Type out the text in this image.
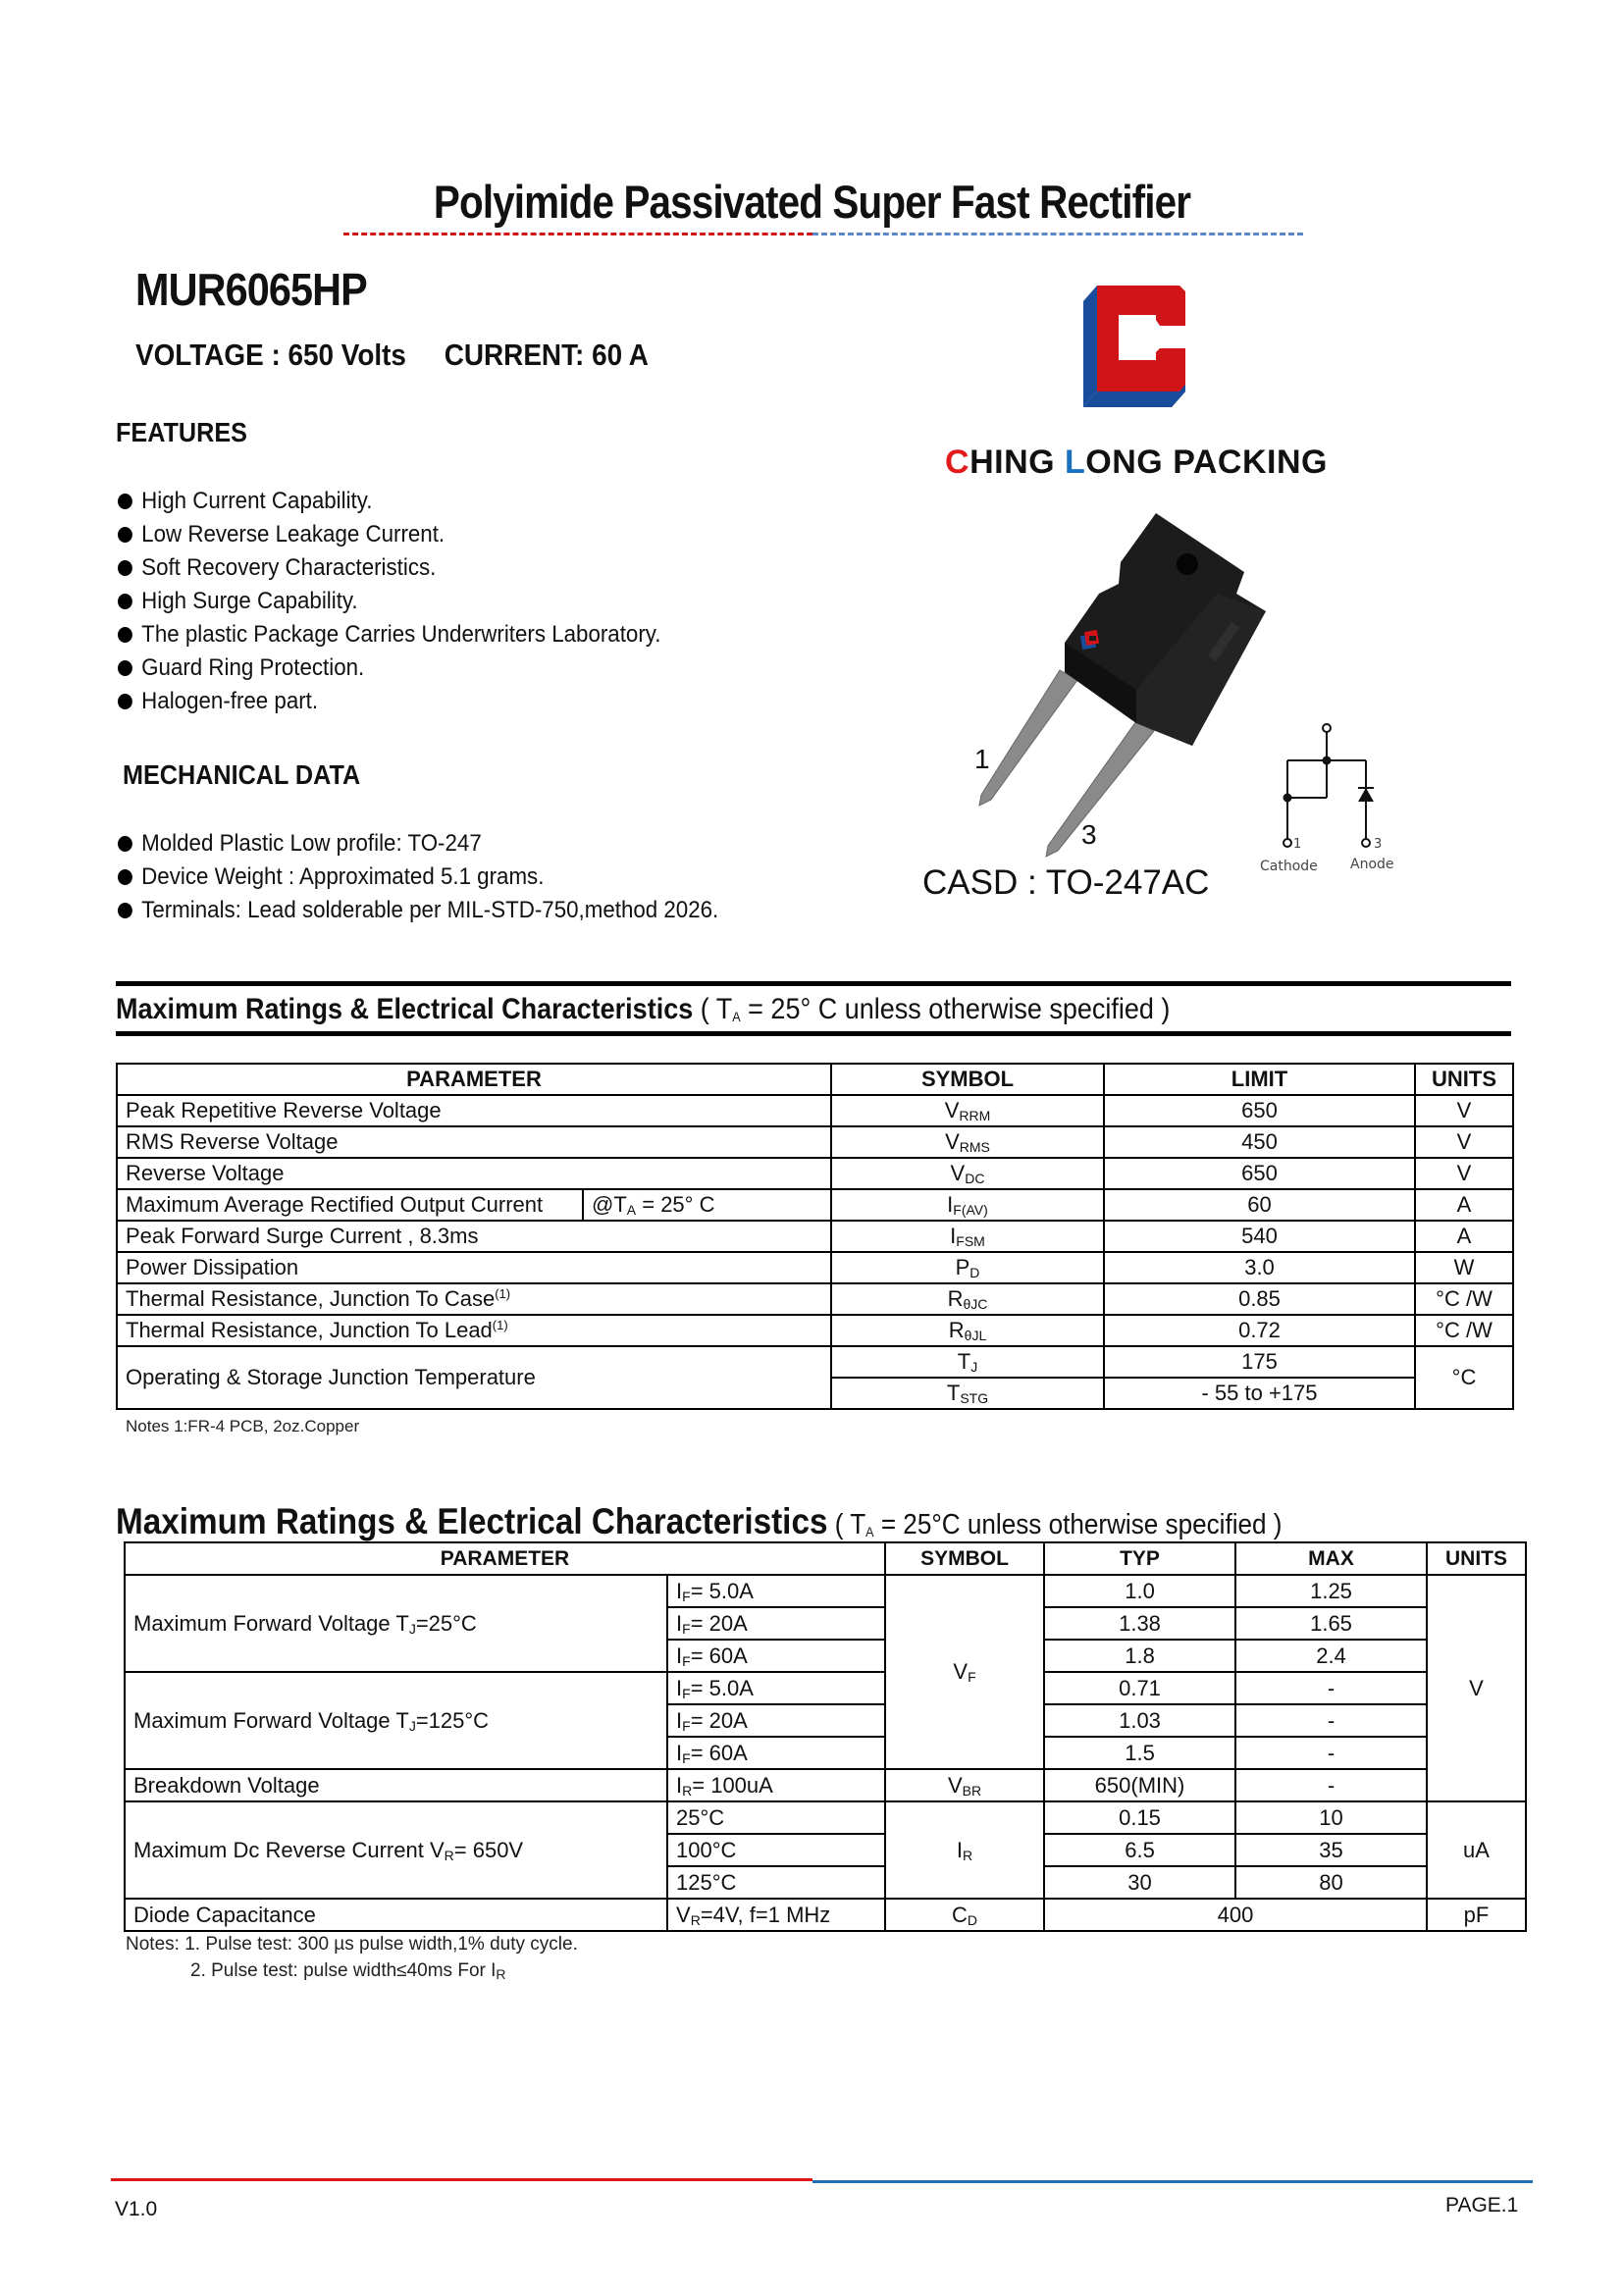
Polyimide Passivated Super Fast Rectifier
MUR6065HP
VOLTAGE : 650 Volts CURRENT: 60 A
CHING LONG PACKING
FEATURES
High Current Capability.
Low Reverse Leakage Current.
Soft Recovery Characteristics.
High Surge Capability.
The plastic Package Carries Underwriters Laboratory.
Guard Ring Protection.
Halogen-free part.
MECHANICAL DATA
Molded Plastic Low profile: TO-247
Device Weight : Approximated 5.1 grams.
Terminals: Lead solderable per MIL-STD-750,method 2026.
1
3
CASD : TO-247AC
1	3
Cathode Anode
Maximum Ratings & Electrical Characteristics ( $T_A = 25^\circ$ C unless otherwise specified )
PARAMETER		SYMBOL	LIMIT	UNITS
Peak Repetitive Reverse Voltage		$V_{RRM}$	650	V
RMS Reverse Voltage		$V_{RMS}$	450	V
Reverse Voltage		$V_{DC}$	650	V
Maximum Average Rectified Output Current	$@T_A = 25^\circ$ C	$I_{F(AV)}$	60	A
Peak Forward Surge Current , 8.3ms		$I_{FSM}$	540	A
Power Dissipation		$P_D$	3.0	W
Thermal Resistance, Junction To Case$^{(1)}$		$R_{\theta JC}$	0.85	°C /W
Thermal Resistance, Junction To Lead$^{(1)}$		$R_{\theta JL}$	0.72	°C /W
Operating & Storage Junction Temperature		$T_J$	175	°C
		$T_{STG}$	- 55 to +175	
Notes 1:FR-4 PCB, 2oz.Copper
Maximum Ratings & Electrical Characteristics ( $T_A = 25^\circ C$ unless otherwise specified )
PARAMETER		SYMBOL	TYP	MAX	UNITS
Maximum Forward Voltage $T_J=25^\circ C$	$I_F= 5.0A$	$V_F$	1.0	1.25	V
	$I_F= 20A$		1.38	1.65	
	$I_F= 60A$		1.8	2.4	
Maximum Forward Voltage $T_J=125^\circ C$	$I_F= 5.0A$		0.71	-	
	$I_F= 20A$		1.03	-	
	$I_F= 60A$		1.5	-	
Breakdown Voltage	$I_R= 100uA$	$V_{BR}$	650(MIN)	-	
Maximum Dc Reverse Current $V_R= 650V$	25°C	$I_R$	0.15	10	uA
	100°C		6.5	35	
	125°C		30	80	
Diode Capacitance	$V_R=4V$, f=1 MHz	$C_D$	400		pF
Notes: 1. Pulse test: 300 µs pulse width,1% duty cycle.
2. Pulse test: pulse width≤40ms For $I_R$
V1.0	PAGE.1
